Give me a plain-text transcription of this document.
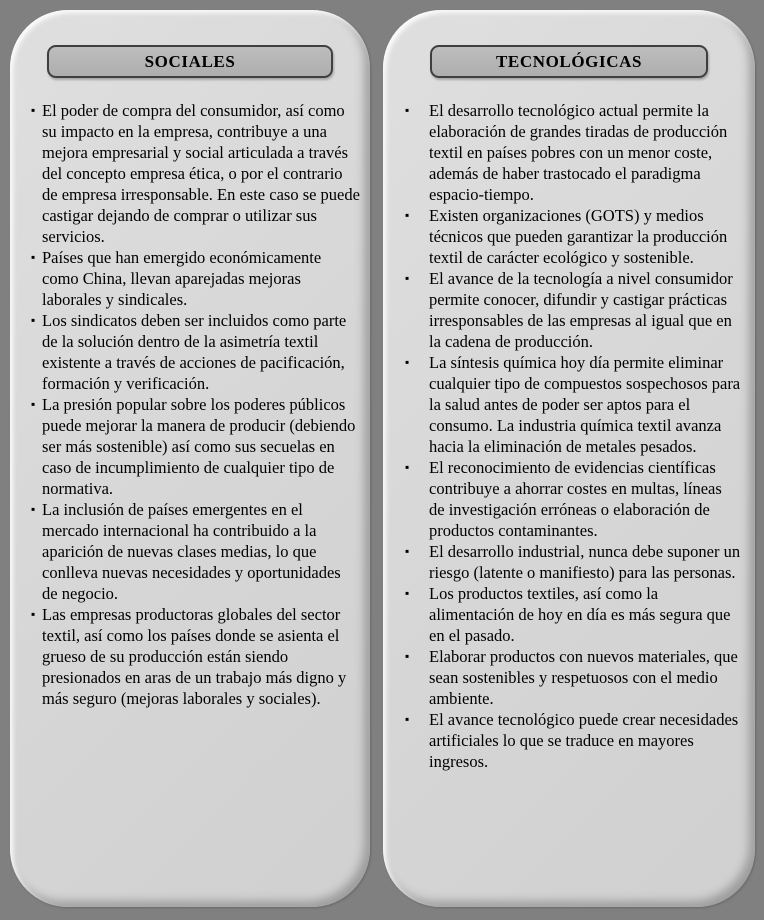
SOCIALES
▪ El poder de compra del consumidor, así como su impacto en la empresa, contribuye a una mejora empresarial y social articulada a través del concepto empresa ética, o por el contrario de empresa irresponsable. En este caso se puede castigar dejando de comprar o utilizar sus servicios.
▪ Países que han emergido económicamente como China, llevan aparejadas mejoras laborales y sindicales.
▪ Los sindicatos deben ser incluidos como parte de la solución dentro de la asimetría textil existente a través de acciones de pacificación, formación y verificación.
▪ La presión popular sobre los poderes públicos puede mejorar la manera de producir (debiendo ser más sostenible) así como sus secuelas en caso de incumplimiento de cualquier tipo de normativa.
▪ La inclusión de países emergentes en el mercado internacional ha contribuido a la aparición de nuevas clases medias, lo que conlleva nuevas necesidades y oportunidades de negocio.
▪ Las empresas productoras globales del sector textil, así como los países donde se asienta el grueso de su producción están siendo presionados en aras de un trabajo más digno y más seguro (mejoras laborales y sociales).
TECNOLÓGICAS
▪ El desarrollo tecnológico actual permite la elaboración de grandes tiradas de producción textil en países pobres con un menor coste, además de haber trastocado el paradigma espacio-tiempo.
▪ Existen organizaciones (GOTS) y medios técnicos que pueden garantizar la producción textil de carácter ecológico y sostenible.
▪ El avance de la tecnología a nivel consumidor permite conocer, difundir y castigar prácticas irresponsables de las empresas al igual que en la cadena de producción.
▪ La síntesis química hoy día permite eliminar cualquier tipo de compuestos sospechosos para la salud antes de poder ser aptos para el consumo. La industria química textil avanza hacia la eliminación de metales pesados.
▪ El reconocimiento de evidencias científicas contribuye a ahorrar costes en multas, líneas de investigación erróneas o elaboración de productos contaminantes.
▪ El desarrollo industrial, nunca debe suponer un riesgo (latente o manifiesto) para las personas.
▪ Los productos textiles, así como la alimentación de hoy en día es más segura que en el pasado.
▪ Elaborar productos con nuevos materiales, que sean sostenibles y respetuosos con el medio ambiente.
▪ El avance tecnológico puede crear necesidades artificiales lo que se traduce en mayores ingresos.
